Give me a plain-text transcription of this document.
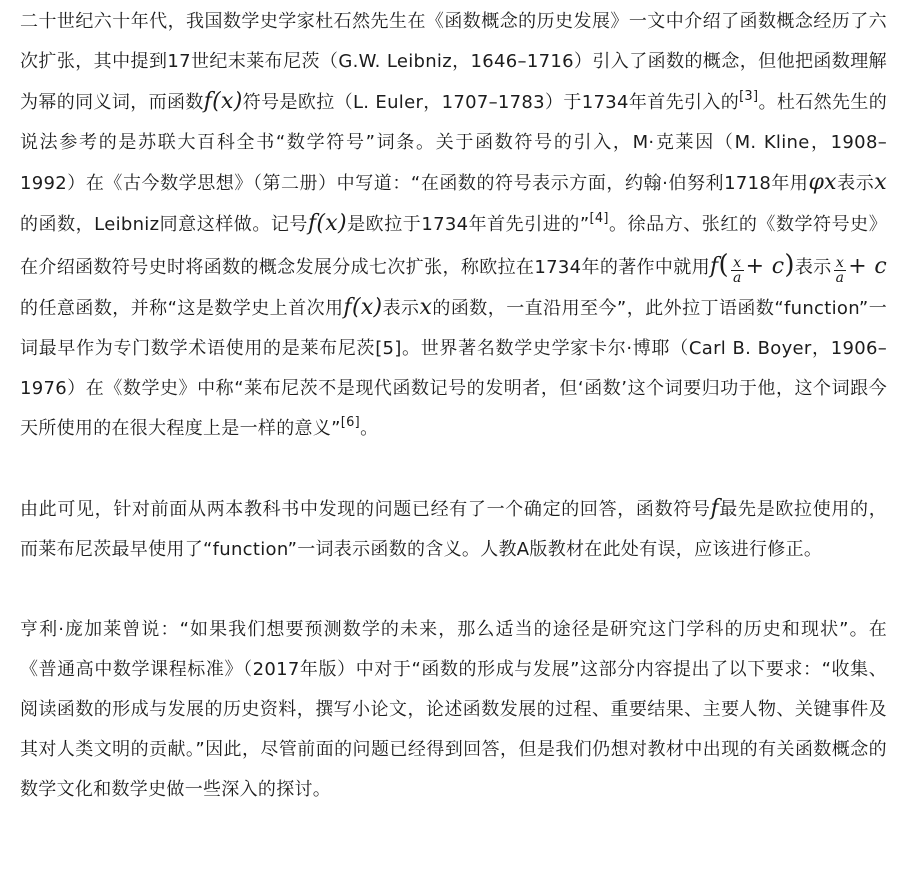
二十世纪六十年代，我国数学史学家杜石然先生在《函数概念的历史发展》一文中介绍了函数概念经历了六次扩张，其中提到17世纪末莱布尼茨（G.W. Leibniz，1646–1716）引入了函数的概念，但他把函数理解为幂的同义词，而函数f(x)符号是欧拉（L. Euler，1707–1783）于1734年首先引入的[3]。杜石然先生的说法参考的是苏联大百科全书“数学符号”词条。关于函数符号的引入，M·克莱因（M. Kline，1908–1992）在《古今数学思想》（第二册）中写道：“在函数的符号表示方面，约翰·伯努利1718年用φx表示x的函数，Leibniz同意这样做。记号f(x)是欧拉于1734年首先引进的”[4]。徐品方、张红的《数学符号史》在介绍函数符号史时将函数的概念发展分成七次扩张，称欧拉在1734年的著作中就用$f( \frac{x}{a} + c)$表示 $\frac{x}{a} + c$的任意函数，并称“这是数学史上首次用f(x)表示x的函数，一直沿用至今”，此外拉丁语函数“function”一词最早作为专门数学术语使用的是莱布尼茨[5]。世界著名数学史学家卡尔·博耶（Carl B. Boyer，1906–1976）在《数学史》中称“莱布尼茨不是现代函数记号的发明者，但‘函数’这个词要归功于他，这个词跟今天所使用的在很大程度上是一样的意义”[6]。

由此可见，针对前面从两本教科书中发现的问题已经有了一个确定的回答，函数符号f最先是欧拉使用的，而莱布尼茨最早使用了“function”一词表示函数的含义。人教A版教材在此处有误，应该进行修正。

亨利·庞加莱曾说：“如果我们想要预测数学的未来，那么适当的途径是研究这门学科的历史和现状”。在《普通高中数学课程标准》（2017年版）中对于“函数的形成与发展”这部分内容提出了以下要求：“收集、阅读函数的形成与发展的历史资料，撰写小论文，论述函数发展的过程、重要结果、主要人物、关键事件及其对人类文明的贡献。”因此，尽管前面的问题已经得到回答，但是我们仍想对教材中出现的有关函数概念的数学文化和数学史做一些深入的探讨。
